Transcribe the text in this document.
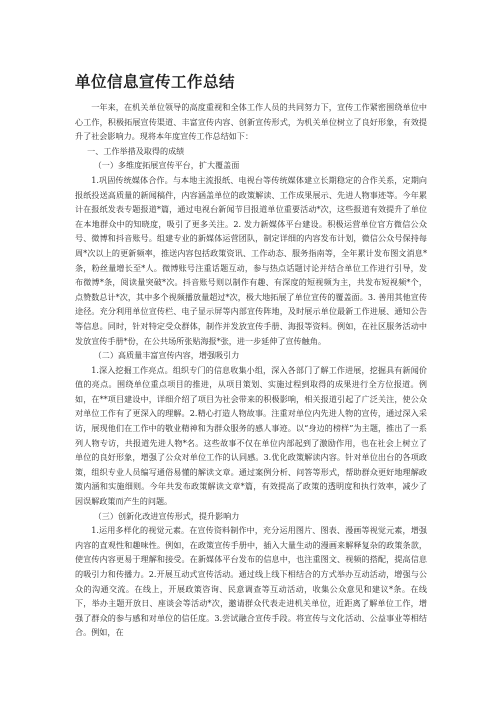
单位信息宣传工作总结

一年来，在机关单位领导的高度重视和全体工作人员的共同努力下，宣传工作紧密围绕单位中心工作，积极拓展宣传渠道、丰富宣传内容、创新宣传形式，为机关单位树立了良好形象，有效提升了社会影响力。现将本年度宣传工作总结如下：

一、工作举措及取得的成绩

（一）多维度拓展宣传平台，扩大覆盖面

1.巩固传统媒体合作。与本地主流报纸、电视台等传统媒体建立长期稳定的合作关系，定期向报纸投送高质量的新闻稿件，内容涵盖单位的政策解读、工作成果展示、先进人物事迹等。今年累计在报纸发表专题报道*篇，通过电视台新闻节目报道单位重要活动*次，这些报道有效提升了单位在本地群众中的知晓度，吸引了更多关注。2. 发力新媒体平台建设。积极运营单位官方微信公众号、微博和抖音账号。组建专业的新媒体运营团队，制定详细的内容发布计划，微信公众号保持每周*次以上的更新频率，推送内容包括政策资讯、工作动态、服务指南等，全年累计发布图文消息*条，粉丝量增长至*人。微博账号注重话题互动，参与热点话题讨论并结合单位工作进行引导，发布微博*条，阅读量突破*次。抖音账号则以制作有趣、有深度的短视频为主，共发布短视频*个，点赞数总计*次，其中多个视频播放量超过*次，极大地拓展了单位宣传的覆盖面。3. 善用其他宣传途径。充分利用单位宣传栏、电子显示屏等内部宣传阵地，及时展示单位最新工作进展、通知公告等信息。同时，针对特定受众群体，制作并发放宣传手册、海报等资料。例如，在社区服务活动中发放宣传手册*份，在公共场所张贴海报*张，进一步延伸了宣传触角。

（二）高质量丰富宣传内容，增强吸引力

1.深入挖掘工作亮点。组织专门的信息收集小组，深入各部门了解工作进展，挖掘具有新闻价值的亮点。围绕单位重点项目的推进，从项目策划、实施过程到取得的成果进行全方位报道。例如，在**项目建设中，详细介绍了项目为社会带来的积极影响，相关报道引起了广泛关注，使公众对单位工作有了更深入的理解。2.精心打造人物故事。注重对单位内先进人物的宣传，通过深入采访，展现他们在工作中的敬业精神和为群众服务的感人事迹。以“身边的榜样”为主题，推出了一系列人物专访，共报道先进人物*名。这些故事不仅在单位内部起到了激励作用，也在社会上树立了单位的良好形象，增强了公众对单位工作的认同感。3.优化政策解读内容。针对单位出台的各项政策，组织专业人员编写通俗易懂的解读文章。通过案例分析、问答等形式，帮助群众更好地理解政策内涵和实施细则。今年共发布政策解读文章*篇，有效提高了政策的透明度和执行效率，减少了因误解政策而产生的问题。

（三）创新化改进宣传形式，提升影响力

1.运用多样化的视觉元素。在宣传资料制作中，充分运用图片、图表、漫画等视觉元素，增强内容的直观性和趣味性。例如，在政策宣传手册中，插入大量生动的漫画来解释复杂的政策条款，使宣传内容更易于理解和接受。在新媒体平台发布的信息中，也注重图文、视频的搭配，提高信息的吸引力和传播力。2.开展互动式宣传活动。通过线上线下相结合的方式举办互动活动，增强与公众的沟通交流。在线上，开展政策咨询、民意调查等互动活动，收集公众意见和建议*条。在线下，举办主题开放日、座谈会等活动*次，邀请群众代表走进机关单位，近距离了解单位工作，增强了群众的参与感和对单位的信任度。3.尝试融合宣传手段。将宣传与文化活动、公益事业等相结合。例如，在
